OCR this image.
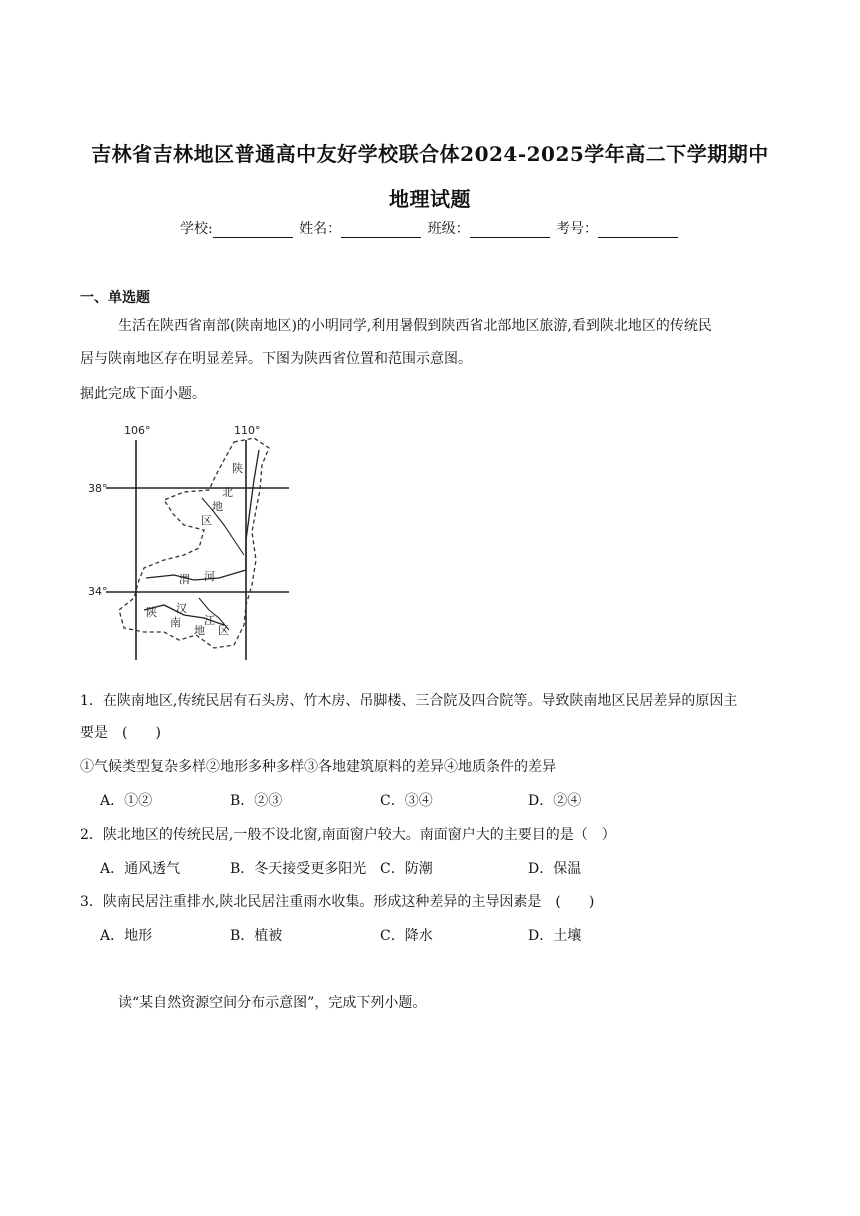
吉林省吉林地区普通高中友好学校联合体2024-2025学年高二下学期期中
地理试题
学校:	姓名：	班级：	考号：
一、单选题
生活在陕西省南部(陕南地区)的小明同学,利用暑假到陕西省北部地区旅游,看到陕北地区的传统民
居与陕南地区存在明显差异。下图为陕西省位置和范围示意图。
据此完成下面小题。
106°	110°
38°
34°
陕
北
地
区
渭 河
陕 汉
南
地
江
区
1．在陕南地区,传统民居有石头房、竹木房、吊脚楼、三合院及四合院等。导致陕南地区民居差异的原因主
要是　(　　)
①气候类型复杂多样②地形多种多样③各地建筑原料的差异④地质条件的差异
A．①②	B．②③	C．③④	D．②④
2．陕北地区的传统民居,一般不设北窗,南面窗户较大。南面窗户大的主要目的是（　）
A．通风透气	B．冬天接受更多阳光 C．防潮	D．保温
3．陕南民居注重排水,陕北民居注重雨水收集。形成这种差异的主导因素是　(　　)
A．地形	B．植被	C．降水	D．土壤
读“某自然资源空间分布示意图”，完成下列小题。
